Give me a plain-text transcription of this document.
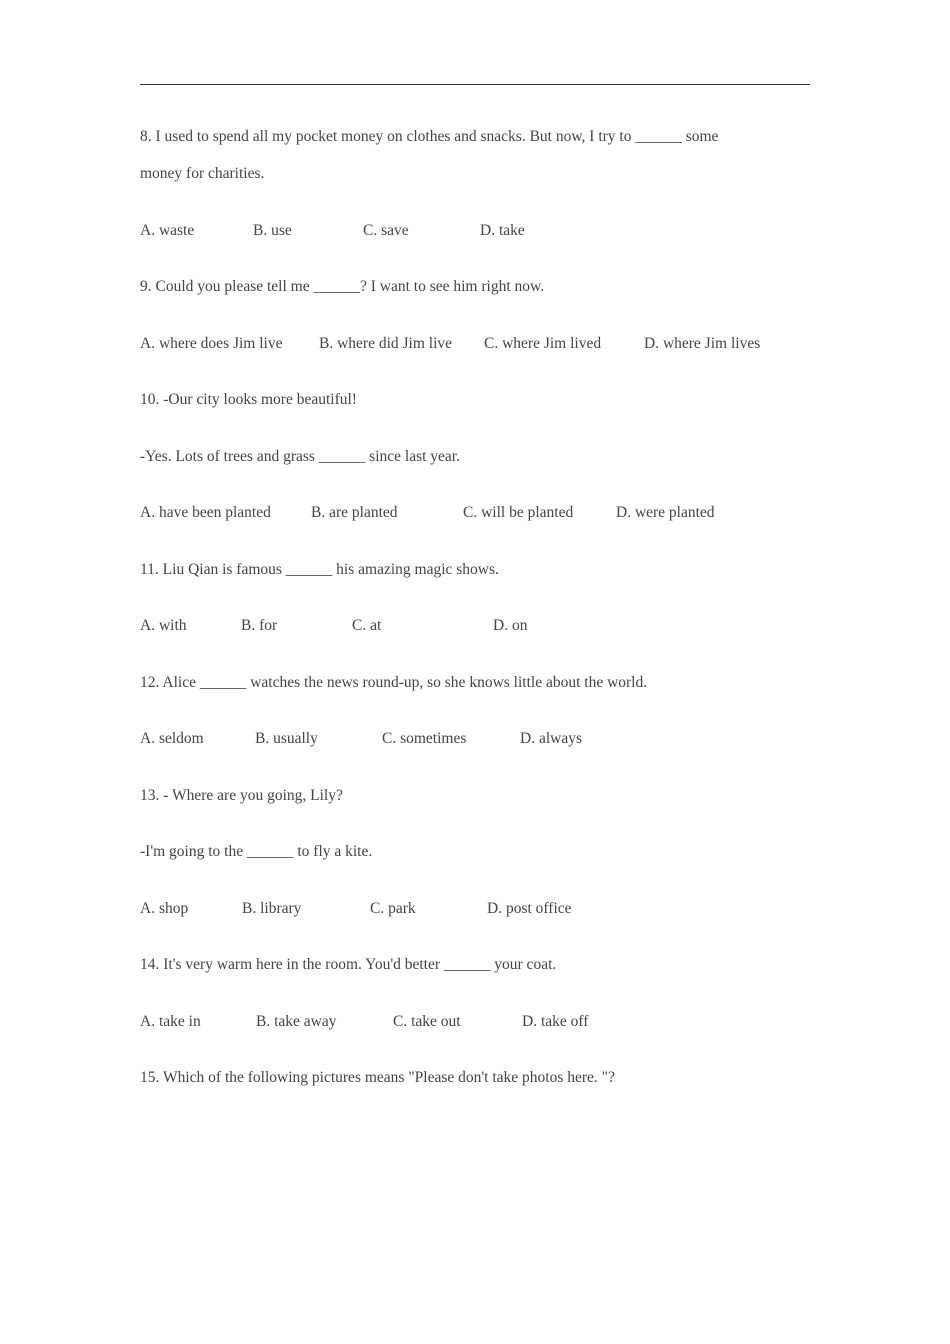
8. I used to spend all my pocket money on clothes and snacks. But now, I try to ______ some
money for charities.
A. waste	B. use	C. save	D. take
9. Could you please tell me ______? I want to see him right now.
A. where does Jim live B. where did Jim live C. where Jim lived	D. where Jim lives
10. -Our city looks more beautiful!
-Yes. Lots of trees and grass ______ since last year.
A. have been planted	B. are planted	C. will be planted	D. were planted
11. Liu Qian is famous ______ his amazing magic shows.
A. with	B. for	C. at	D. on
12. Alice ______ watches the news round-up, so she knows little about the world.
A. seldom	B. usually	C. sometimes	D. always
13. - Where are you going, Lily?
-I'm going to the ______ to fly a kite.
A. shop	B. library	C. park	D. post office
14. It's very warm here in the room. You'd better ______ your coat.
A. take in	B. take away	C. take out	D. take off
15. Which of the following pictures means "Please don't take photos here. "?
